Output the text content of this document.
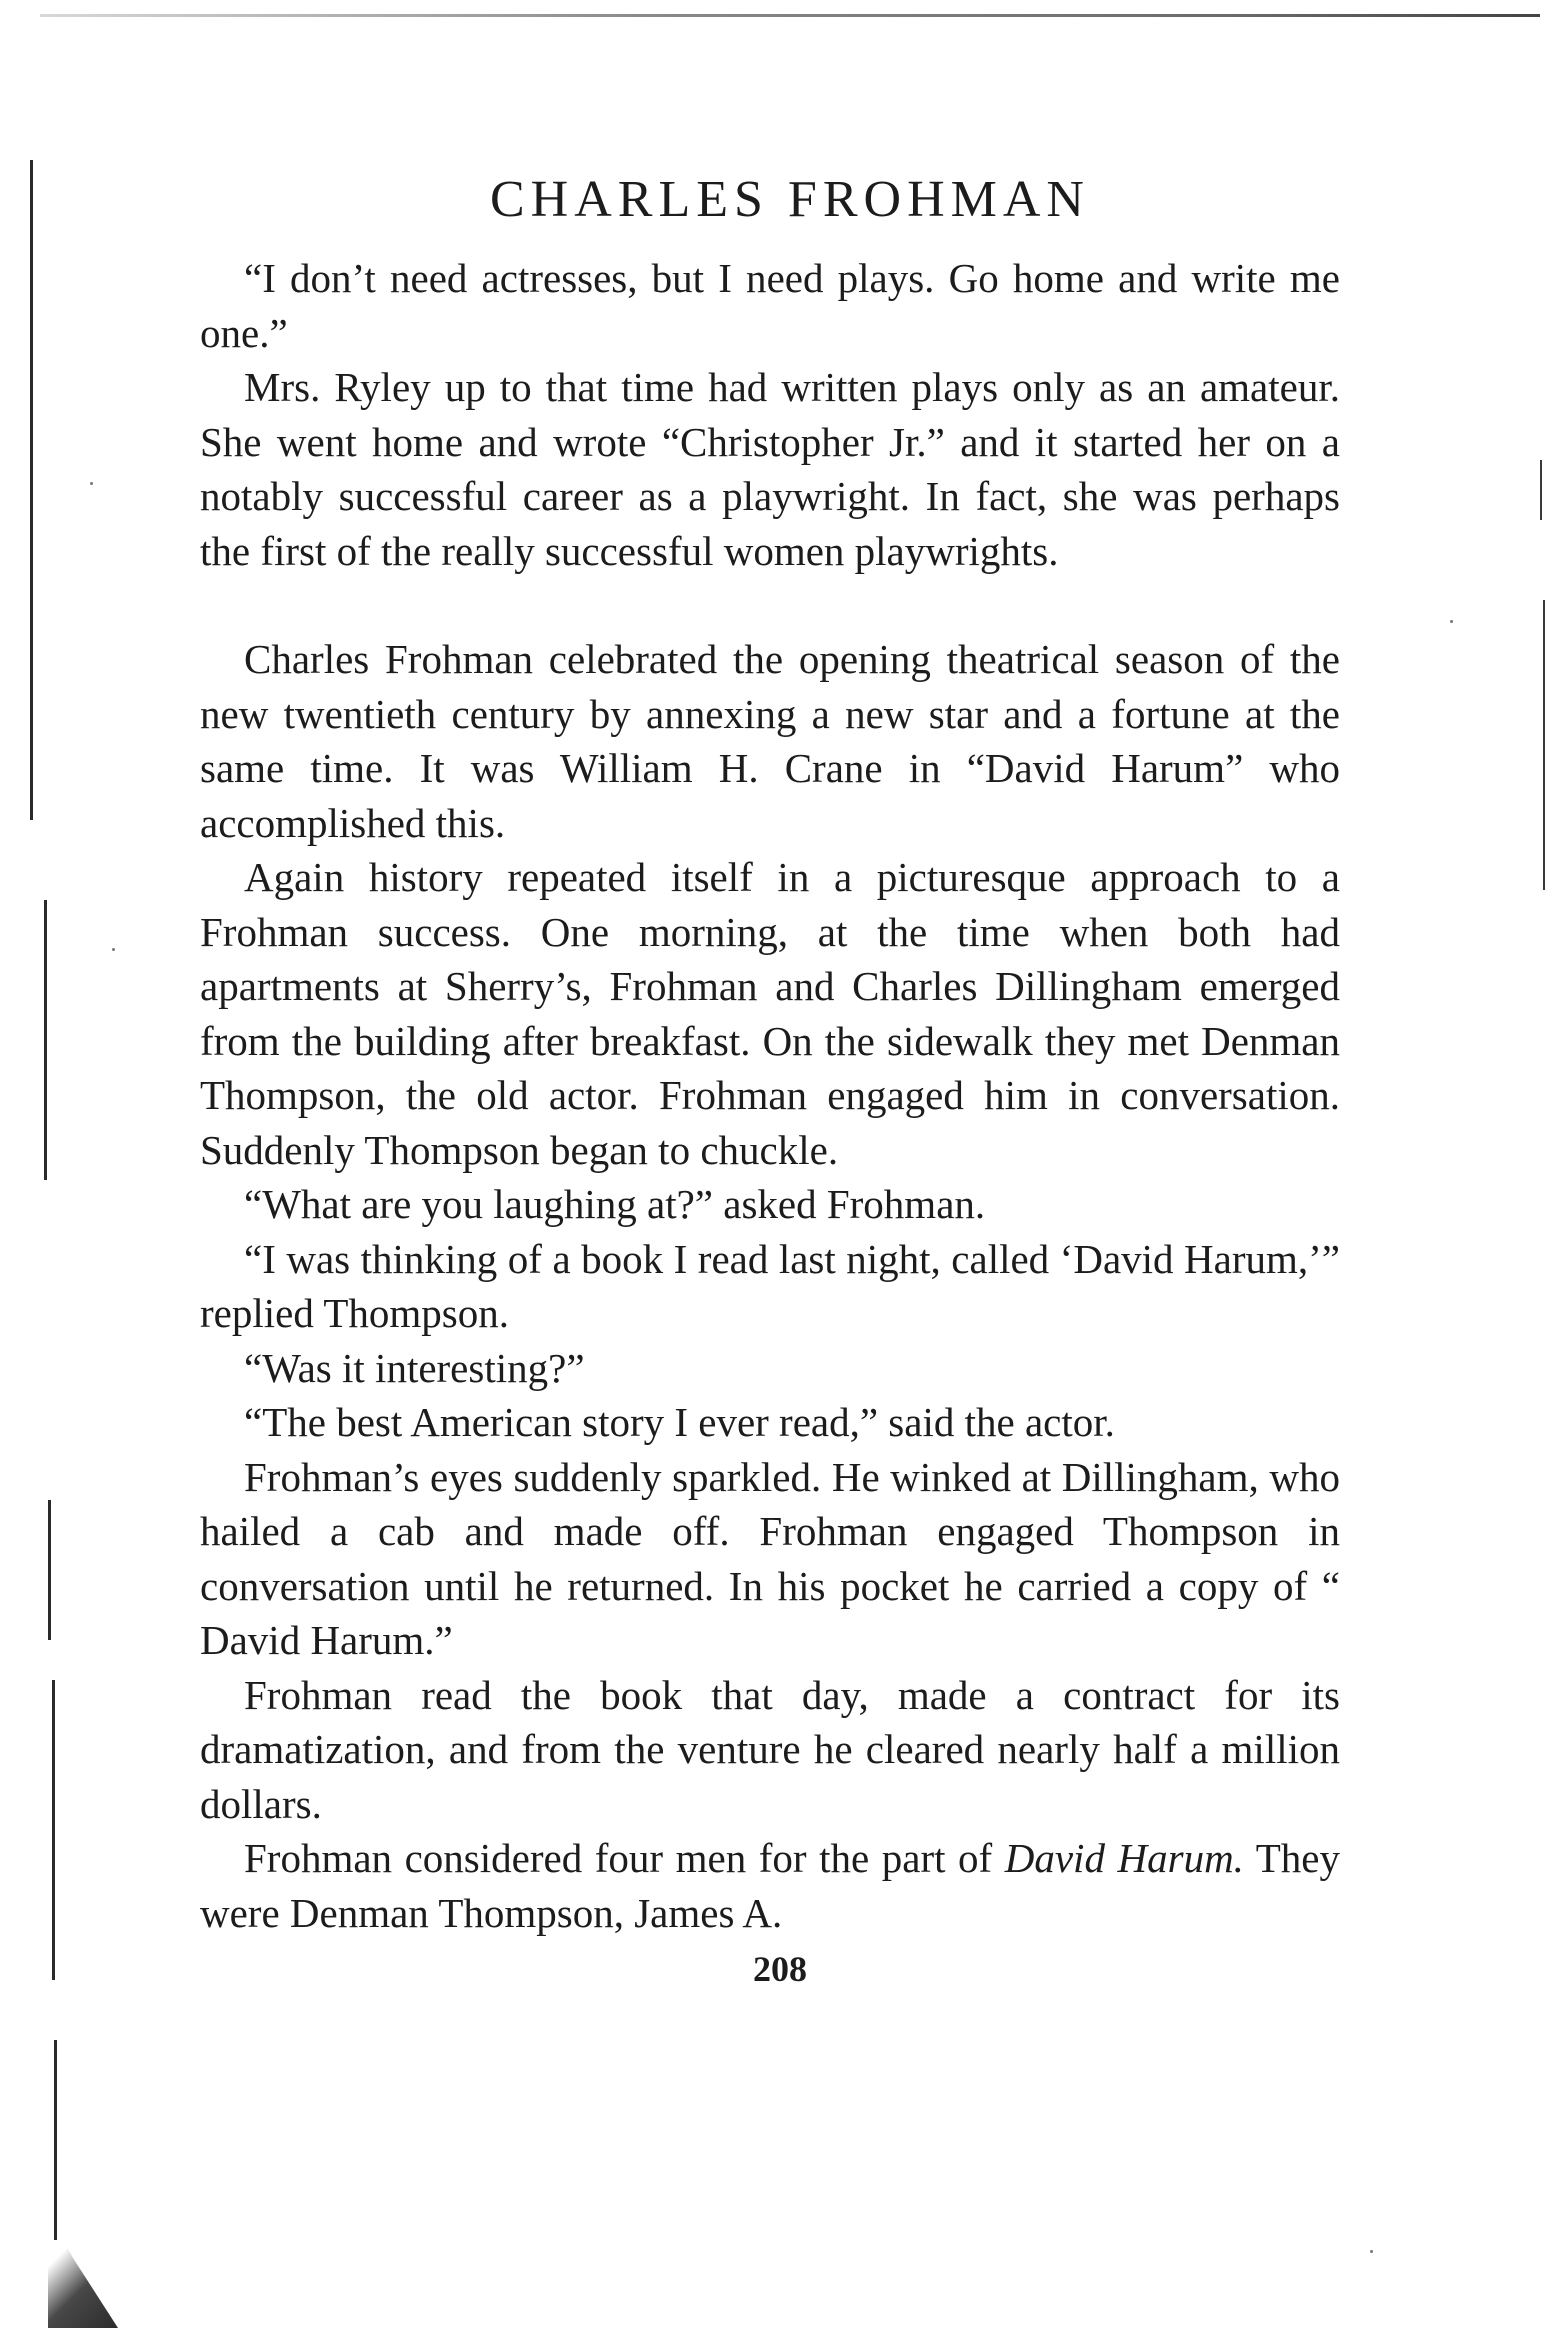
CHARLES FROHMAN

“I don’t need actresses, but I need plays. Go home and write me one.”

Mrs. Ryley up to that time had written plays only as an amateur. She went home and wrote “Christopher Jr.” and it started her on a notably successful career as a playwright. In fact, she was perhaps the first of the really successful women playwrights.

Charles Frohman celebrated the opening theatrical season of the new twentieth century by annexing a new star and a fortune at the same time. It was William H. Crane in “David Harum” who accomplished this.

Again history repeated itself in a picturesque approach to a Frohman success. One morning, at the time when both had apartments at Sherry’s, Frohman and Charles Dillingham emerged from the building after breakfast. On the sidewalk they met Denman Thompson, the old actor. Frohman engaged him in conversation. Suddenly Thompson began to chuckle.

“What are you laughing at?” asked Frohman.

“I was thinking of a book I read last night, called ‘David Harum,’” replied Thompson.

“Was it interesting?”

“The best American story I ever read,” said the actor.

Frohman’s eyes suddenly sparkled. He winked at Dillingham, who hailed a cab and made off. Frohman engaged Thompson in conversation until he returned. In his pocket he carried a copy of “ David Harum.”

Frohman read the book that day, made a contract for its dramatization, and from the venture he cleared nearly half a million dollars.

Frohman considered four men for the part of David Harum. They were Denman Thompson, James A.

208
